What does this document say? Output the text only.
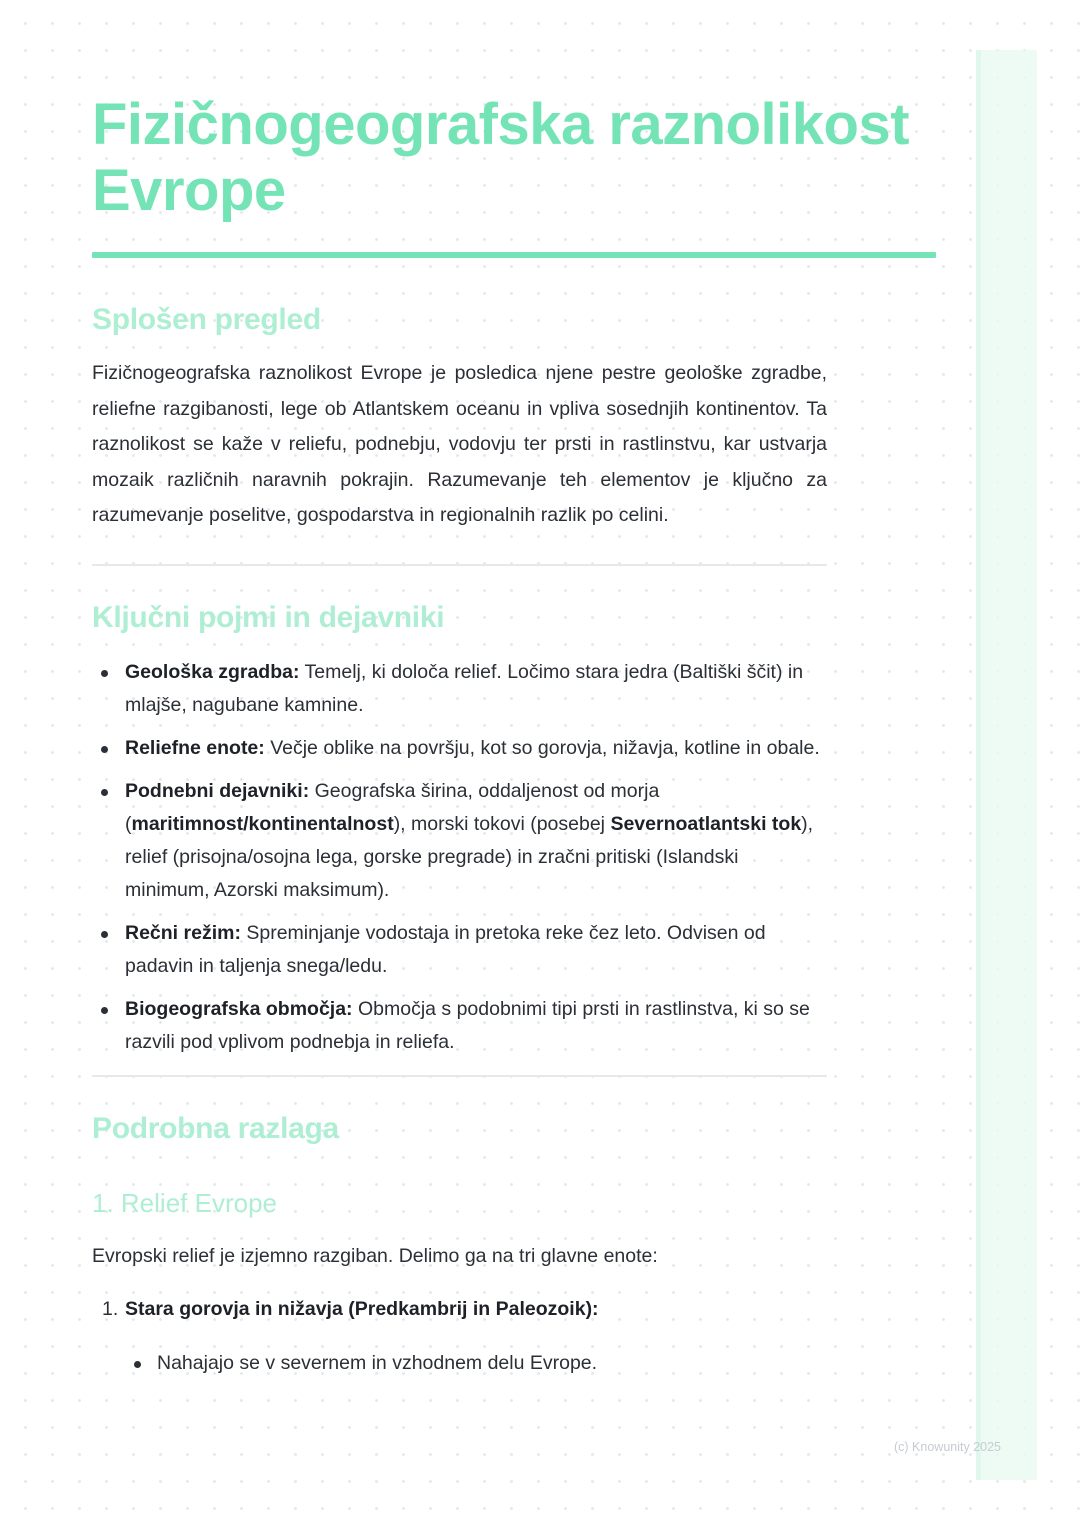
Fizičnogeografska raznolikost Evrope
Splošen pregled

Fizičnogeografska raznolikost Evrope je posledica njene pestre geološke zgradbe, reliefne razgibanosti, lege ob Atlantskem oceanu in vpliva sosednjih kontinentov. Ta raznolikost se kaže v reliefu, podnebju, vodovju ter prsti in rastlinstvu, kar ustvarja mozaik različnih naravnih pokrajin. Razumevanje teh elementov je ključno za razumevanje poselitve, gospodarstva in regionalnih razlik po celini.

Ključni pojmi in dejavniki
Geološka zgradba: Temelj, ki določa relief. Ločimo stara jedra (Baltiški ščit) in mlajše, nagubane kamnine.
Reliefne enote: Večje oblike na površju, kot so gorovja, nižavja, kotline in obale.
Podnebni dejavniki: Geografska širina, oddaljenost od morja (maritimnost/kontinentalnost), morski tokovi (posebej Severnoatlantski tok), relief (prisojna/osojna lega, gorske pregrade) in zračni pritiski (Islandski minimum, Azorski maksimum).
Rečni režim: Spreminjanje vodostaja in pretoka reke čez leto. Odvisen od padavin in taljenja snega/ledu.
Biogeografska območja: Območja s podobnimi tipi prsti in rastlinstva, ki so se razvili pod vplivom podnebja in reliefa.
Podrobna razlaga
1. Relief Evrope

Evropski relief je izjemno razgiban. Delimo ga na tri glavne enote:

1. Stara gorovja in nižavja (Predkambrij in Paleozoik):
Nahajajo se v severnem in vzhodnem delu Evrope.
(c) Knowunity 2025
